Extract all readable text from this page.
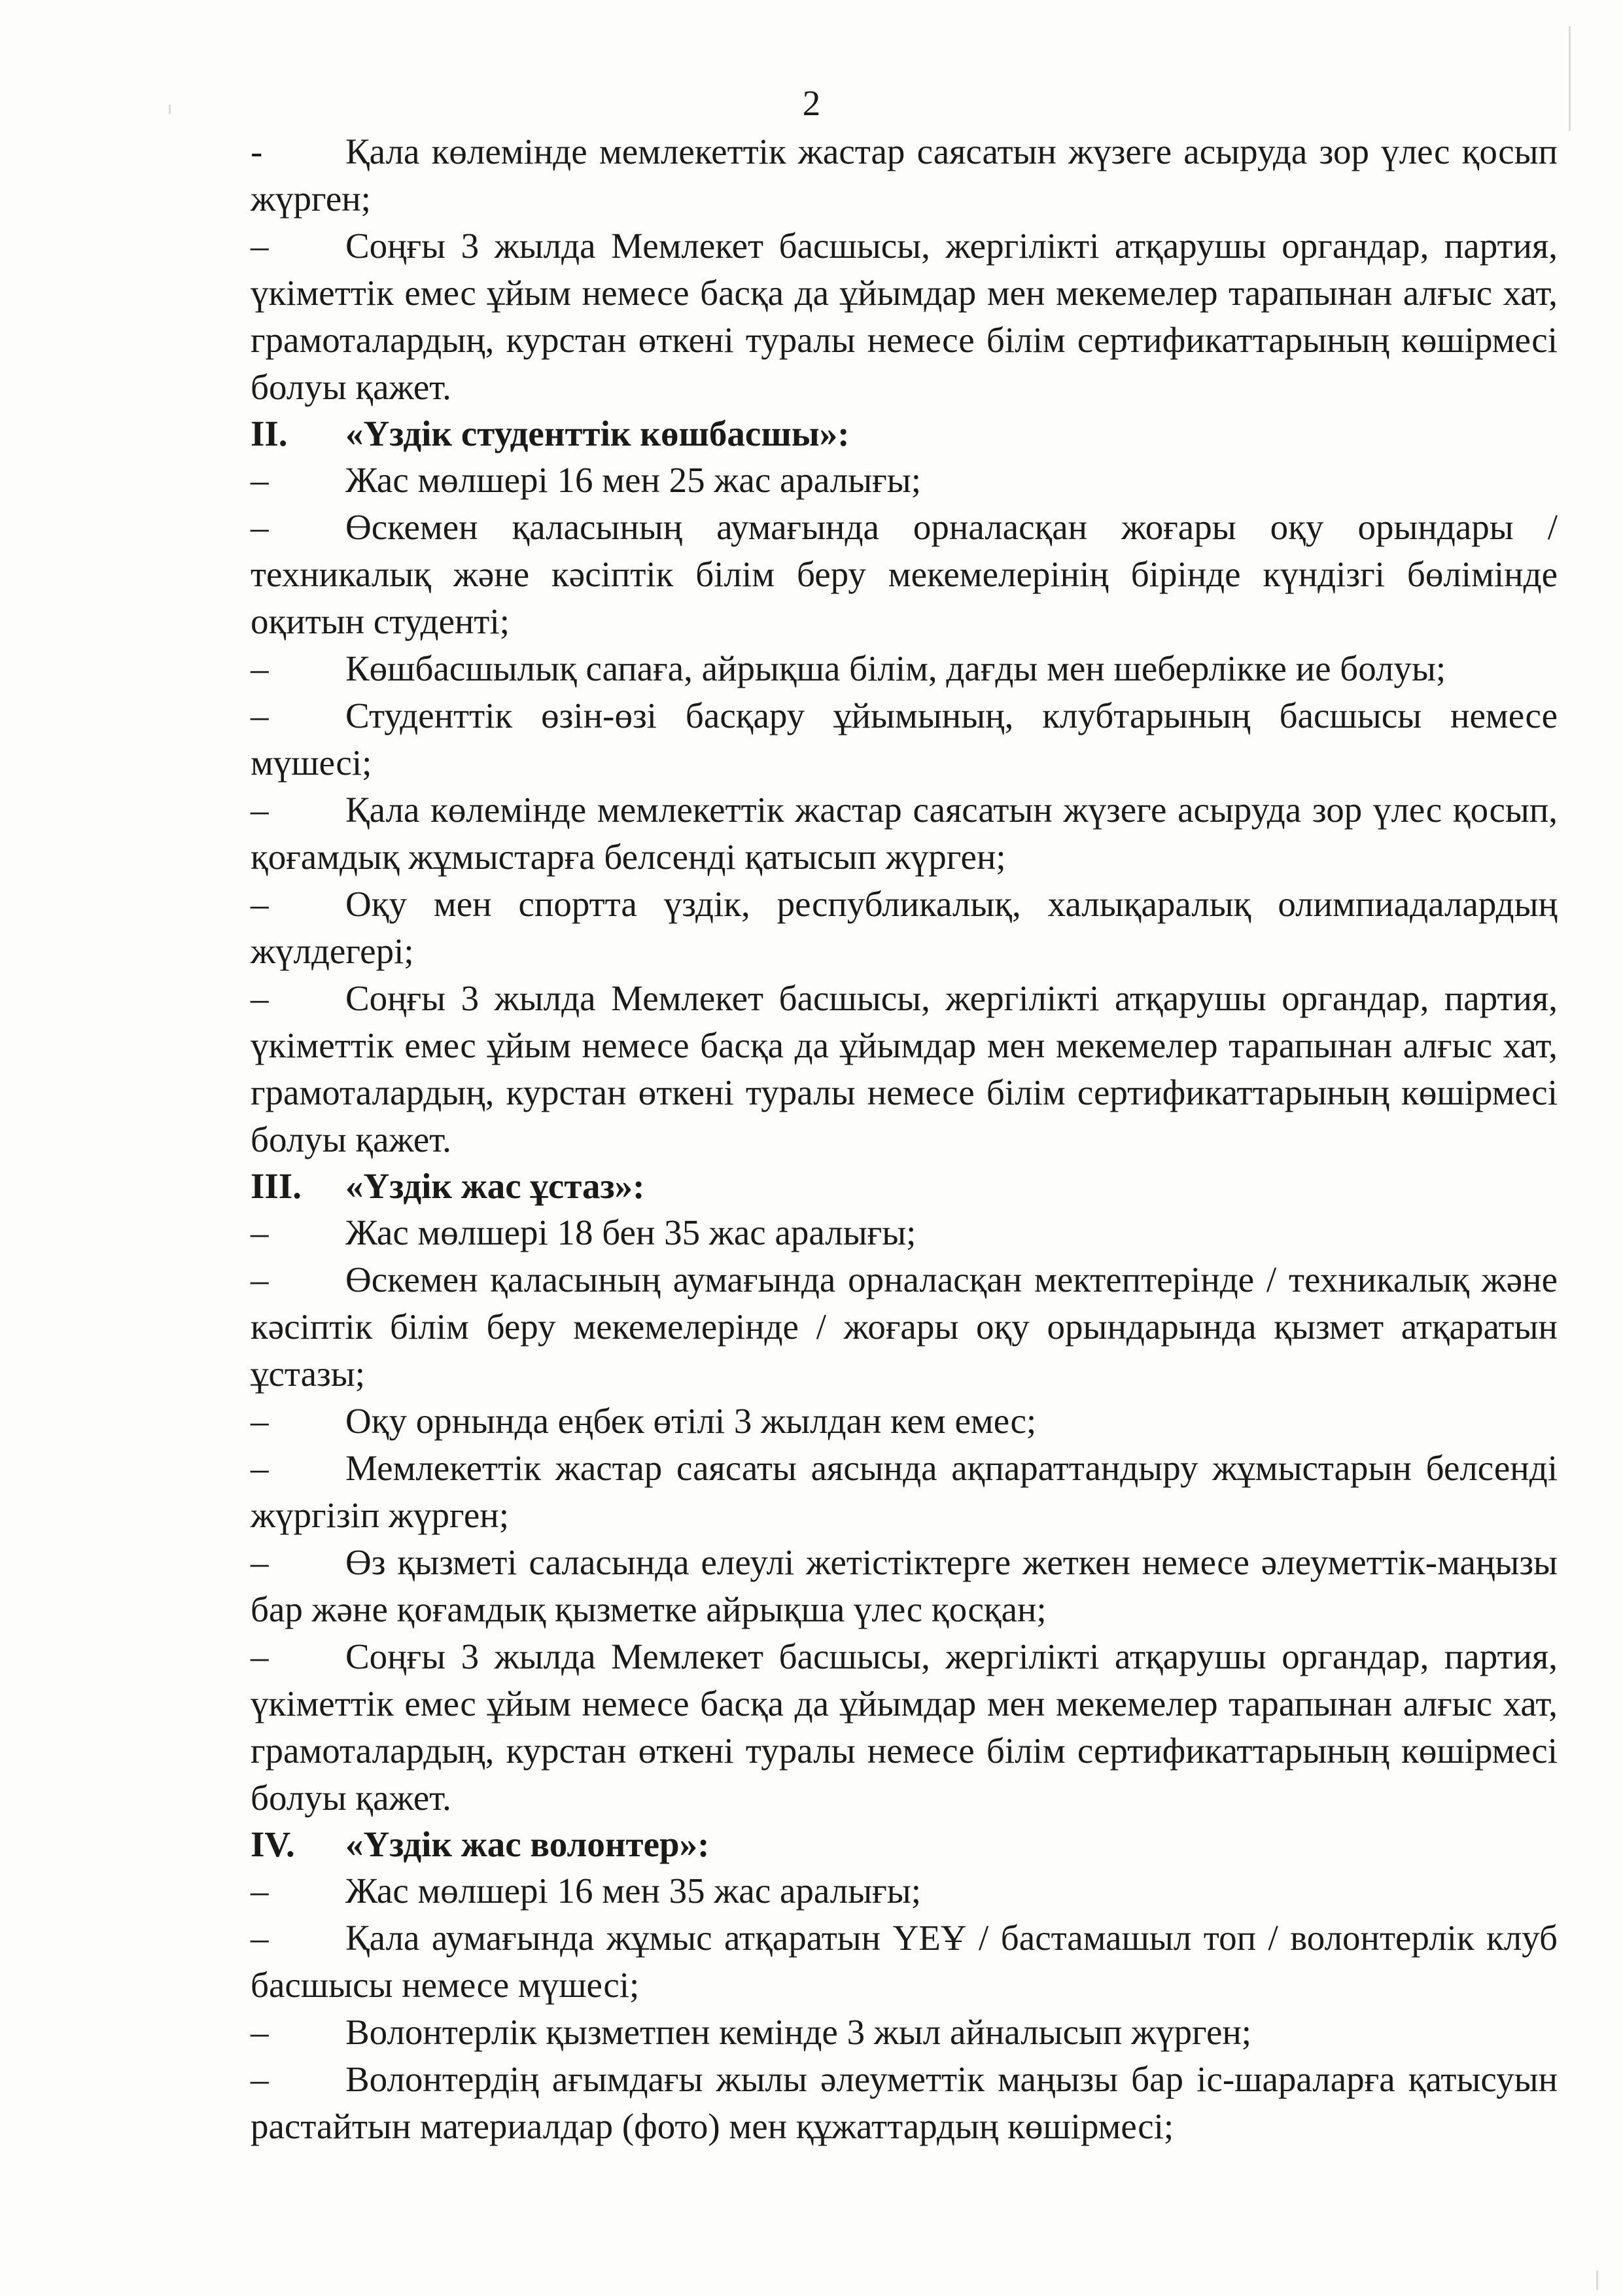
2

- Қала көлемінде мемлекеттік жастар саясатын жүзеге асыруда зор үлес қосып жүрген;

– Соңғы 3 жылда Мемлекет басшысы, жергілікті атқарушы органдар, партия, үкіметтік емес ұйым немесе басқа да ұйымдар мен мекемелер тарапынан алғыс хат, грамоталардың, курстан өткені туралы немесе білім сертификаттарының көшірмесі болуы қажет.

II. «Үздік студенттік көшбасшы»:

– Жас мөлшері 16 мен 25 жас аралығы;

– Өскемен қаласының аумағында орналасқан жоғары оқу орындары / техникалық және кәсіптік білім беру мекемелерінің бірінде күндізгі бөлімінде оқитын студенті;

– Көшбасшылық сапаға, айрықша білім, дағды мен шеберлікке ие болуы;

– Студенттік өзін-өзі басқару ұйымының, клубтарының басшысы немесе мүшесі;

– Қала көлемінде мемлекеттік жастар саясатын жүзеге асыруда зор үлес қосып, қоғамдық жұмыстарға белсенді қатысып жүрген;

– Оқу мен спортта үздік, республикалық, халықаралық олимпиадалардың жүлдегері;

– Соңғы 3 жылда Мемлекет басшысы, жергілікті атқарушы органдар, партия, үкіметтік емес ұйым немесе басқа да ұйымдар мен мекемелер тарапынан алғыс хат, грамоталардың, курстан өткені туралы немесе білім сертификаттарының көшірмесі болуы қажет.

III. «Үздік жас ұстаз»:

– Жас мөлшері 18 бен 35 жас аралығы;

– Өскемен қаласының аумағында орналасқан мектептерінде / техникалық және кәсіптік білім беру мекемелерінде / жоғары оқу орындарында қызмет атқаратын ұстазы;

– Оқу орнында еңбек өтілі 3 жылдан кем емес;

– Мемлекеттік жастар саясаты аясында ақпараттандыру жұмыстарын белсенді жүргізіп жүрген;

– Өз қызметі саласында елеулі жетістіктерге жеткен немесе әлеуметтік-маңызы бар және қоғамдық қызметке айрықша үлес қосқан;

– Соңғы 3 жылда Мемлекет басшысы, жергілікті атқарушы органдар, партия, үкіметтік емес ұйым немесе басқа да ұйымдар мен мекемелер тарапынан алғыс хат, грамоталардың, курстан өткені туралы немесе білім сертификаттарының көшірмесі болуы қажет.

IV. «Үздік жас волонтер»:

– Жас мөлшері 16 мен 35 жас аралығы;

– Қала аумағында жұмыс атқаратын ҮЕҰ / бастамашыл топ / волонтерлік клуб басшысы немесе мүшесі;

– Волонтерлік қызметпен кемінде 3 жыл айналысып жүрген;

– Волонтердің ағымдағы жылы әлеуметтік маңызы бар іс-шараларға қатысуын растайтын материалдар (фото) мен құжаттардың көшірмесі;
